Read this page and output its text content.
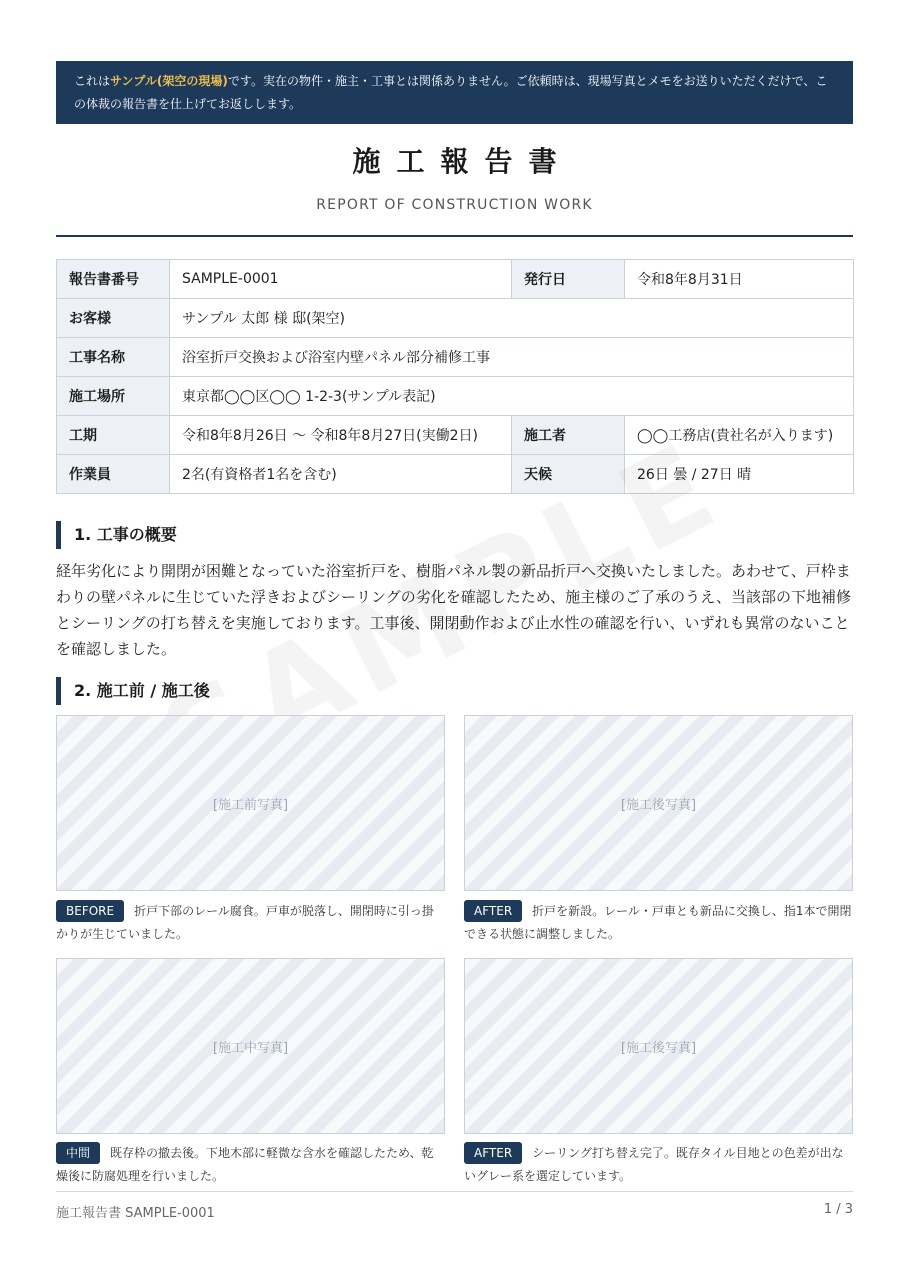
これはサンプル(架空の現場)です。実在の物件・施主・工事とは関係ありません。ご依頼時は、現場写真とメモをお送りいただくだけで、この体裁の報告書を仕上げてお返しします。
施工報告書
REPORT OF CONSTRUCTION WORK
報告書番号	SAMPLE-0001	発行日	令和8年8月31日
お客様	サンプル 太郎 様 邸(架空)		
工事名称	浴室折戸交換および浴室内壁パネル部分補修工事		
施工場所	東京都◯◯区◯◯ 1-2-3(サンプル表記)		
工期	令和8年8月26日 〜 令和8年8月27日(実働2日)	施工者	◯◯工務店(貴社名が入ります)
作業員	2名(有資格者1名を含む)	天候	26日 曇 / 27日 晴
1. 工事の概要
経年劣化により開閉が困難となっていた浴室折戸を、樹脂パネル製の新品折戸へ交換いたしました。あわせて、戸枠まわりの壁パネルに生じていた浮きおよびシーリングの劣化を確認したため、施主様のご了承のうえ、当該部の下地補修とシーリングの打ち替えを実施しております。工事後、開閉動作および止水性の確認を行い、いずれも異常のないことを確認しました。
2. 施工前 / 施工後
[施工前写真]	[施工後写真]
BEFORE 折戸下部のレール腐食。戸車が脱落し、開閉時に引っ掛かりが生じていました。
AFTER 折戸を新設。レール・戸車とも新品に交換し、指1本で開閉できる状態に調整しました。
[施工中写真]	[施工後写真]
中間 既存枠の撤去後。下地木部に軽微な含水を確認したため、乾燥後に防腐処理を行いました。
AFTER シーリング打ち替え完了。既存タイル目地との色差が出ないグレー系を選定しています。
施工報告書 SAMPLE-0001	1 / 3
